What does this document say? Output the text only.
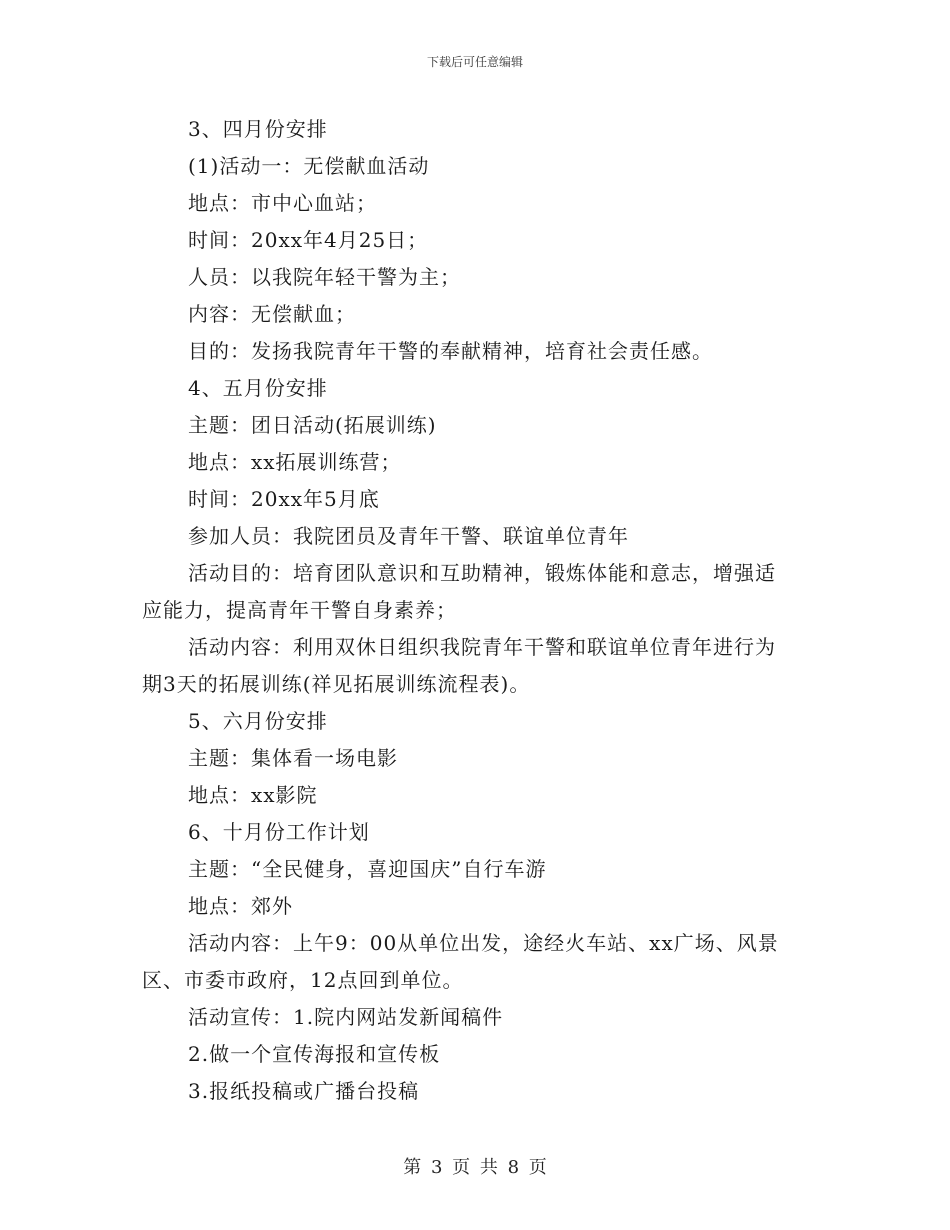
下载后可任意编辑
3、四月份安排
(1)活动一：无偿献血活动
地点：市中心血站；
时间：20xx年4月25日；
人员：以我院年轻干警为主；
内容：无偿献血；
目的：发扬我院青年干警的奉献精神，培育社会责任感。
4、五月份安排
主题：团日活动(拓展训练)
地点：xx拓展训练营；
时间：20xx年5月底
参加人员：我院团员及青年干警、联谊单位青年
活动目的：培育团队意识和互助精神，锻炼体能和意志，增强适
应能力，提高青年干警自身素养；
活动内容：利用双休日组织我院青年干警和联谊单位青年进行为
期3天的拓展训练(祥见拓展训练流程表)。
5、六月份安排
主题：集体看一场电影
地点：xx影院
6、十月份工作计划
主题：“全民健身，喜迎国庆”自行车游
地点：郊外
活动内容：上午9：00从单位出发，途经火车站、xx广场、风景
区、市委市政府，12点回到单位。
活动宣传：1.院内网站发新闻稿件
2.做一个宣传海报和宣传板
3.报纸投稿或广播台投稿
第 3 页 共 8 页
